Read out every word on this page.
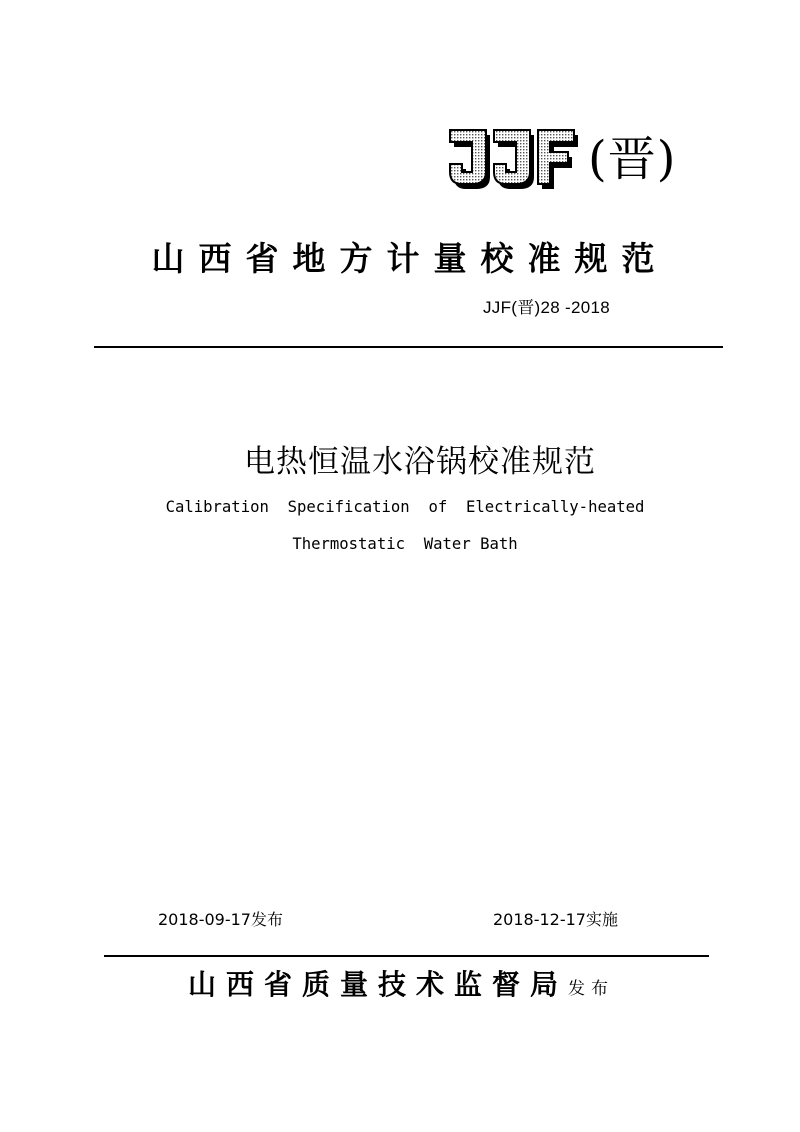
(晋)
山西省地方计量校准规范
JJF(晋)28 -2018
电热恒温水浴锅校准规范
Calibration  Specification  of  Electrically-heated
Thermostatic  Water Bath
2018-09-17发布	2018-12-17实施
山西省质量技术监督局 发布
